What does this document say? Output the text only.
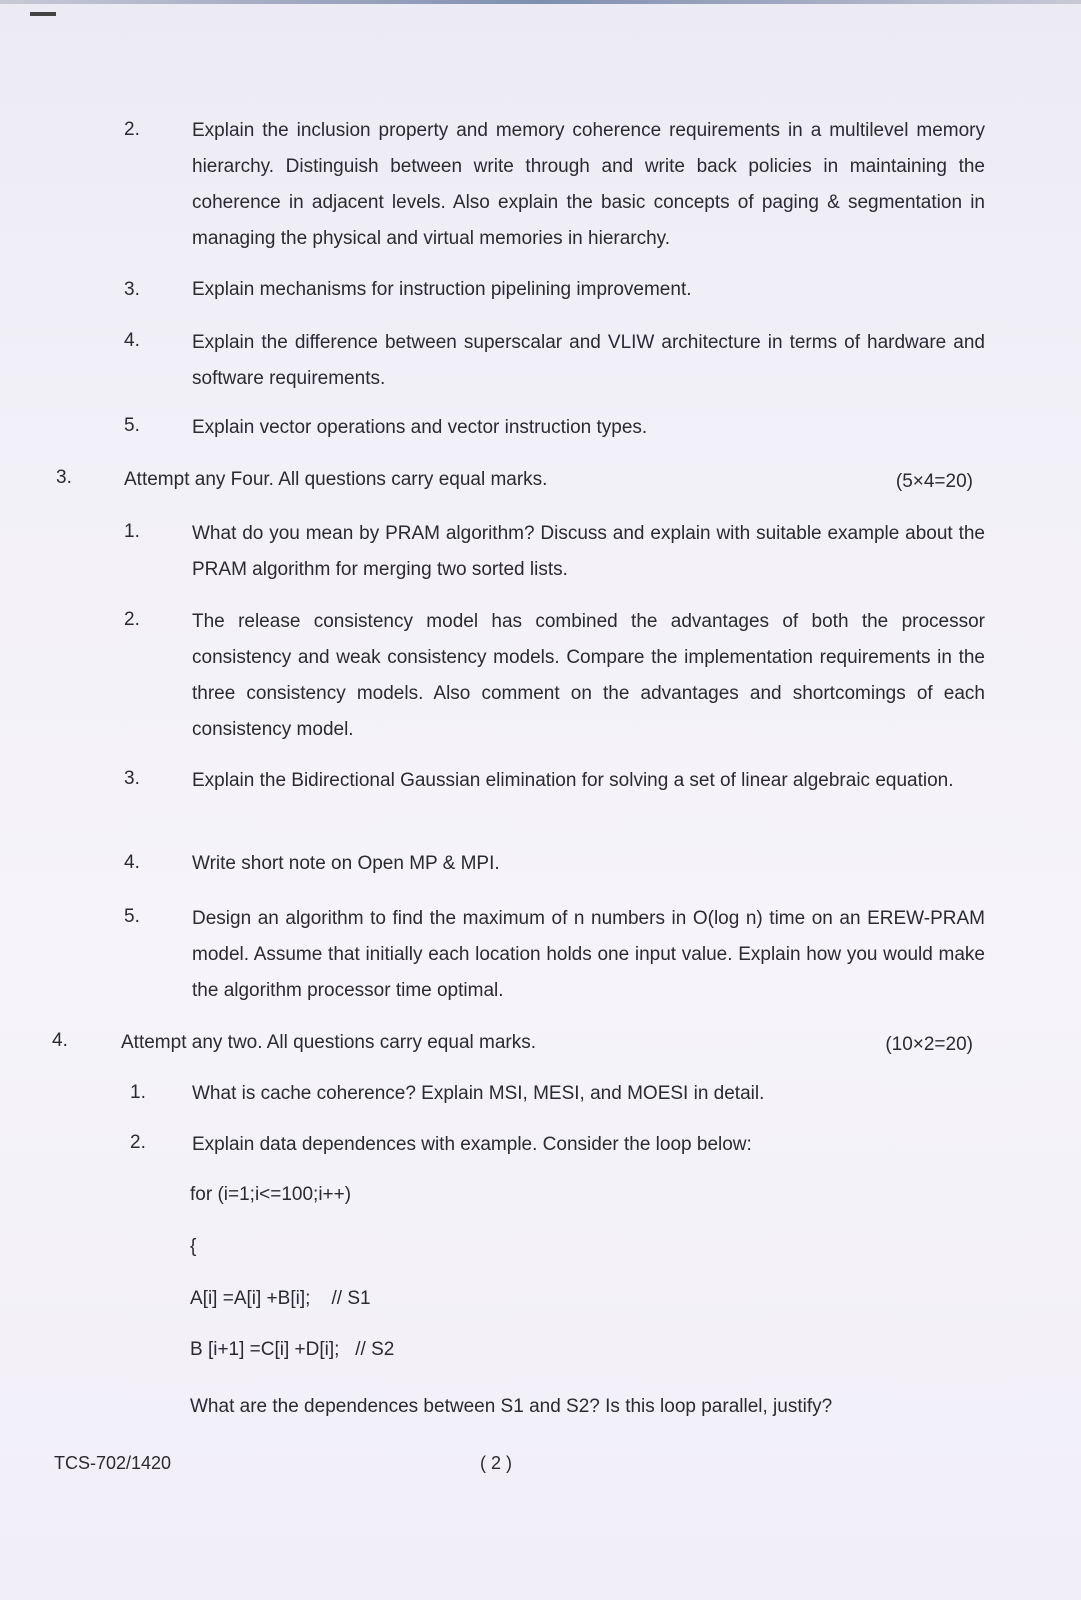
2.	Explain the inclusion property and memory coherence requirements in a multilevel memory hierarchy. Distinguish between write through and write back policies in maintaining the coherence in adjacent levels. Also explain the basic concepts of paging & segmentation in managing the physical and virtual memories in hierarchy.
3.	Explain mechanisms for instruction pipelining improvement.
4.	Explain the difference between superscalar and VLIW architecture in terms of hardware and software requirements.
5.	Explain vector operations and vector instruction types.
3.	Attempt any Four. All questions carry equal marks.	(5×4=20)
1.	What do you mean by PRAM algorithm? Discuss and explain with suitable example about the PRAM algorithm for merging two sorted lists.
2.	The release consistency model has combined the advantages of both the processor consistency and weak consistency models. Compare the implementation requirements in the three consistency models. Also comment on the advantages and shortcomings of each consistency model.
3.	Explain the Bidirectional Gaussian elimination for solving a set of linear algebraic equation.
4.	Write short note on Open MP & MPI.
5.	Design an algorithm to find the maximum of n numbers in O(log n) time on an EREW-PRAM model. Assume that initially each location holds one input value. Explain how you would make the algorithm processor time optimal.
4.	Attempt any two. All questions carry equal marks.	(10×2=20)
1. What is cache coherence? Explain MSI, MESI, and MOESI in detail.
2. Explain data dependences with example. Consider the loop below:
for (i=1;i<=100;i++)
{
A[i] =A[i] +B[i];    // S1
B [i+1] =C[i] +D[i];   // S2
What are the dependences between S1 and S2? Is this loop parallel, justify?
TCS-702/1420	( 2 )
